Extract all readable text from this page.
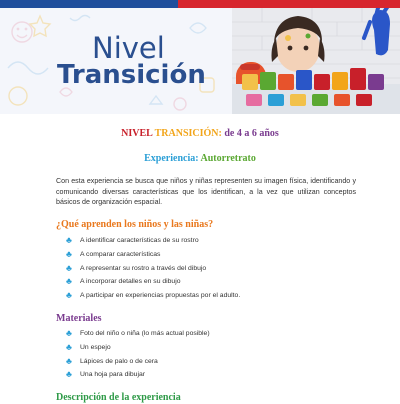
Nivel
Transición
NIVEL TRANSICIÓN: de 4 a 6 años
Experiencia: Autorretrato
Con esta experiencia se busca que niños y niñas representen su imagen física, identificando y comunicando diversas características que los identifican, a la vez que utilizan conceptos básicos de organización espacial.
¿Qué aprenden los niños y las niñas?
♣ A identificar características de su rostro
♣ A comparar características
♣ A representar su rostro a través del dibujo
♣ A incorporar detalles en su dibujo
♣ A participar en experiencias propuestas por el adulto.
Materiales
♣ Foto del niño o niña (lo más actual posible)
♣ Un espejo
♣ Lápices de palo o de cera
♣ Una hoja para dibujar
Descripción de la experiencia
